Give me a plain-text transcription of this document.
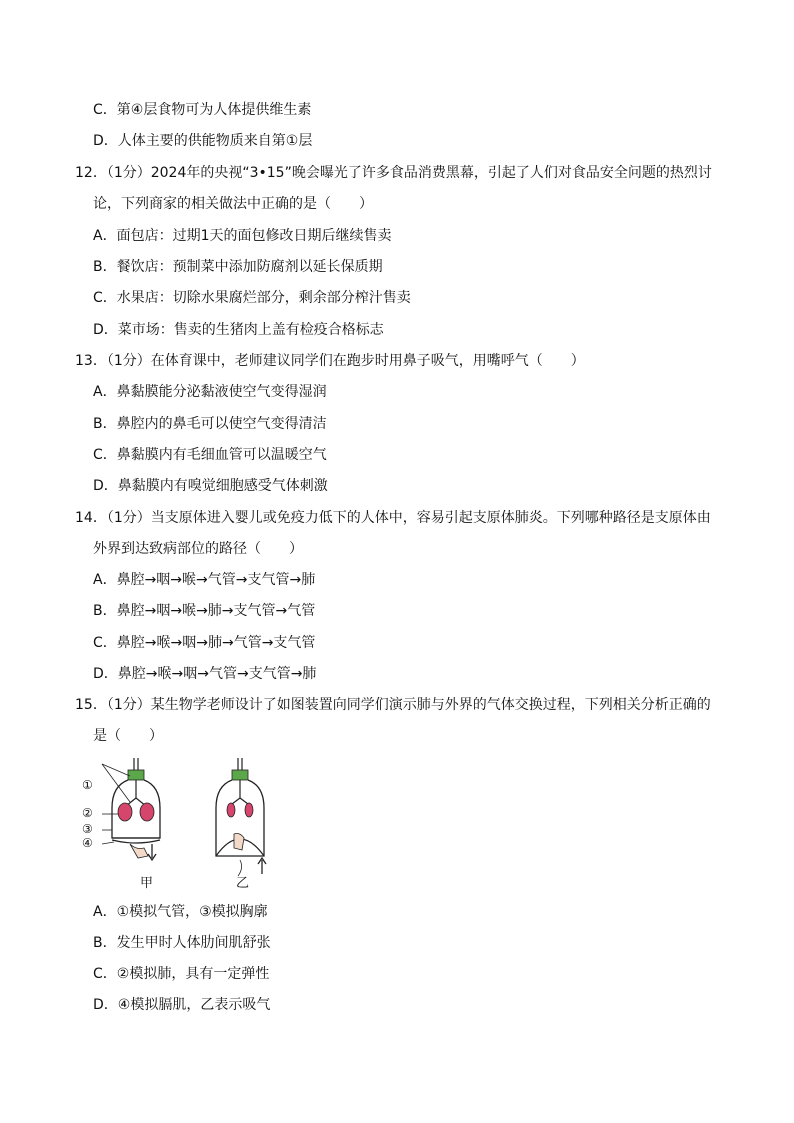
C．第④层食物可为人体提供维生素
D．人体主要的供能物质来自第①层
12．（1分）2024年的央视“3•15”晚会曝光了许多食品消费黑幕，引起了人们对食品安全问题的热烈讨
论，下列商家的相关做法中正确的是（　　）
A．面包店：过期1天的面包修改日期后继续售卖
B．餐饮店：预制菜中添加防腐剂以延长保质期
C．水果店：切除水果腐烂部分，剩余部分榨汁售卖
D．菜市场：售卖的生猪肉上盖有检疫合格标志
13．（1分）在体育课中，老师建议同学们在跑步时用鼻子吸气，用嘴呼气（　　）
A．鼻黏膜能分泌黏液使空气变得湿润
B．鼻腔内的鼻毛可以使空气变得清洁
C．鼻黏膜内有毛细血管可以温暖空气
D．鼻黏膜内有嗅觉细胞感受气体刺激
14．（1分）当支原体进入婴儿或免疫力低下的人体中，容易引起支原体肺炎。下列哪种路径是支原体由
外界到达致病部位的路径（　　）
A．鼻腔→咽→喉→气管→支气管→肺
B．鼻腔→咽→喉→肺→支气管→气管
C．鼻腔→喉→咽→肺→气管→支气管
D．鼻腔→喉→咽→气管→支气管→肺
15．（1分）某生物学老师设计了如图装置向同学们演示肺与外界的气体交换过程，下列相关分析正确的
是（　　）
①
②
③
④
甲	乙
A．①模拟气管，③模拟胸廓
B．发生甲时人体肋间肌舒张
C．②模拟肺，具有一定弹性
D．④模拟膈肌，乙表示吸气
